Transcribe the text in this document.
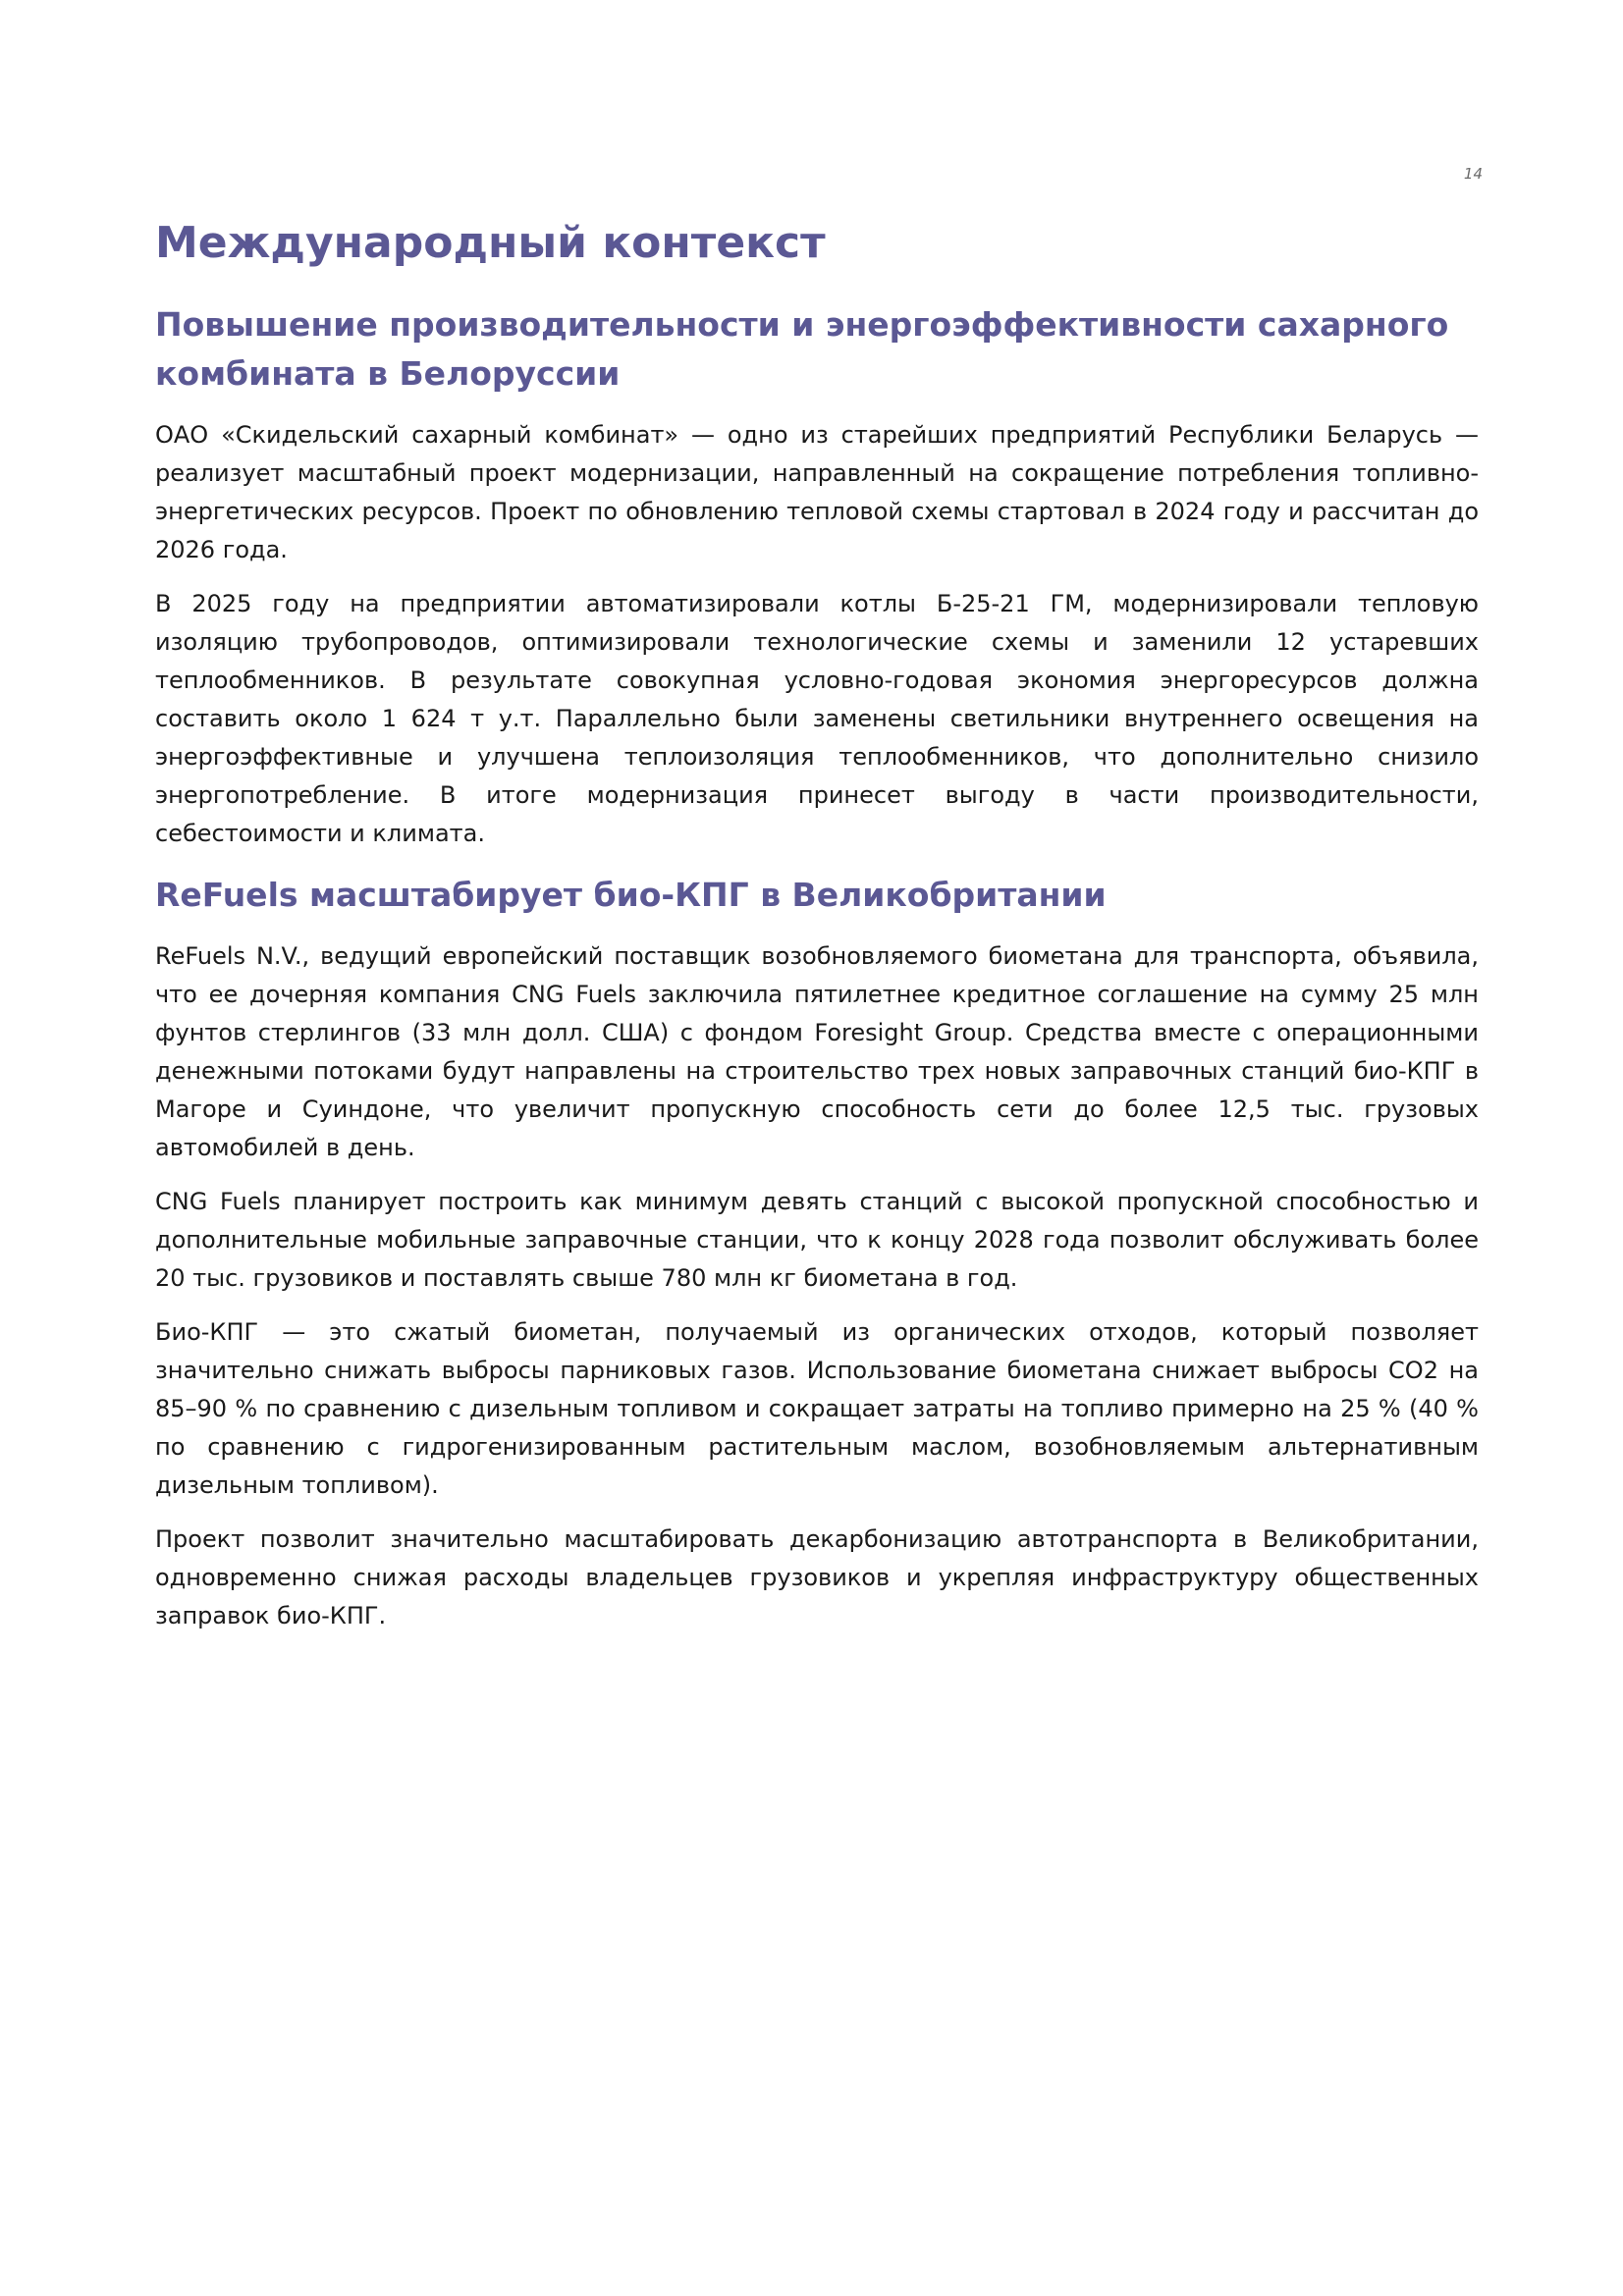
14
Международный контекст
Повышение производительности и энергоэффективности сахарного комбината в Белоруссии

ОАО «Скидельский сахарный комбинат» — одно из старейших предприятий Республики Беларусь — реализует масштабный проект модернизации, направленный на сокращение потребления топливно-энергетических ресурсов. Проект по обновлению тепловой схемы стартовал в 2024 году и рассчитан до 2026 года.

В 2025 году на предприятии автоматизировали котлы Б-25-21 ГМ, модернизировали тепловую изоляцию трубопроводов, оптимизировали технологические схемы и заменили 12 устаревших теплообменников. В результате совокупная условно-годовая экономия энергоресурсов должна составить около 1 624 т у.т. Параллельно были заменены светильники внутреннего освещения на энергоэффективные и улучшена теплоизоляция теплообменников, что дополнительно снизило энергопотребление. В итоге модернизация принесет выгоду в части производительности, себестоимости и климата.

ReFuels масштабирует био-КПГ в Великобритании

ReFuels N.V., ведущий европейский поставщик возобновляемого биометана для транспорта, объявила, что ее дочерняя компания CNG Fuels заключила пятилетнее кредитное соглашение на сумму 25 млн фунтов стерлингов (33 млн долл. США) с фондом Foresight Group. Средства вместе с операционными денежными потоками будут направлены на строительство трех новых заправочных станций био-КПГ в Магоре и Суиндоне, что увеличит пропускную способность сети до более 12,5 тыс. грузовых автомобилей в день.

CNG Fuels планирует построить как минимум девять станций с высокой пропускной способностью и дополнительные мобильные заправочные станции, что к концу 2028 года позволит обслуживать более 20 тыс. грузовиков и поставлять свыше 780 млн кг биометана в год.

Био-КПГ — это сжатый биометан, получаемый из органических отходов, который позволяет значительно снижать выбросы парниковых газов. Использование биометана снижает выбросы СО2 на 85–90 % по сравнению с дизельным топливом и сокращает затраты на топливо примерно на 25 % (40 % по сравнению с гидрогенизированным растительным маслом, возобновляемым альтернативным дизельным топливом).

Проект позволит значительно масштабировать декарбонизацию автотранспорта в Великобритании, одновременно снижая расходы владельцев грузовиков и укрепляя инфраструктуру общественных заправок био-КПГ.
